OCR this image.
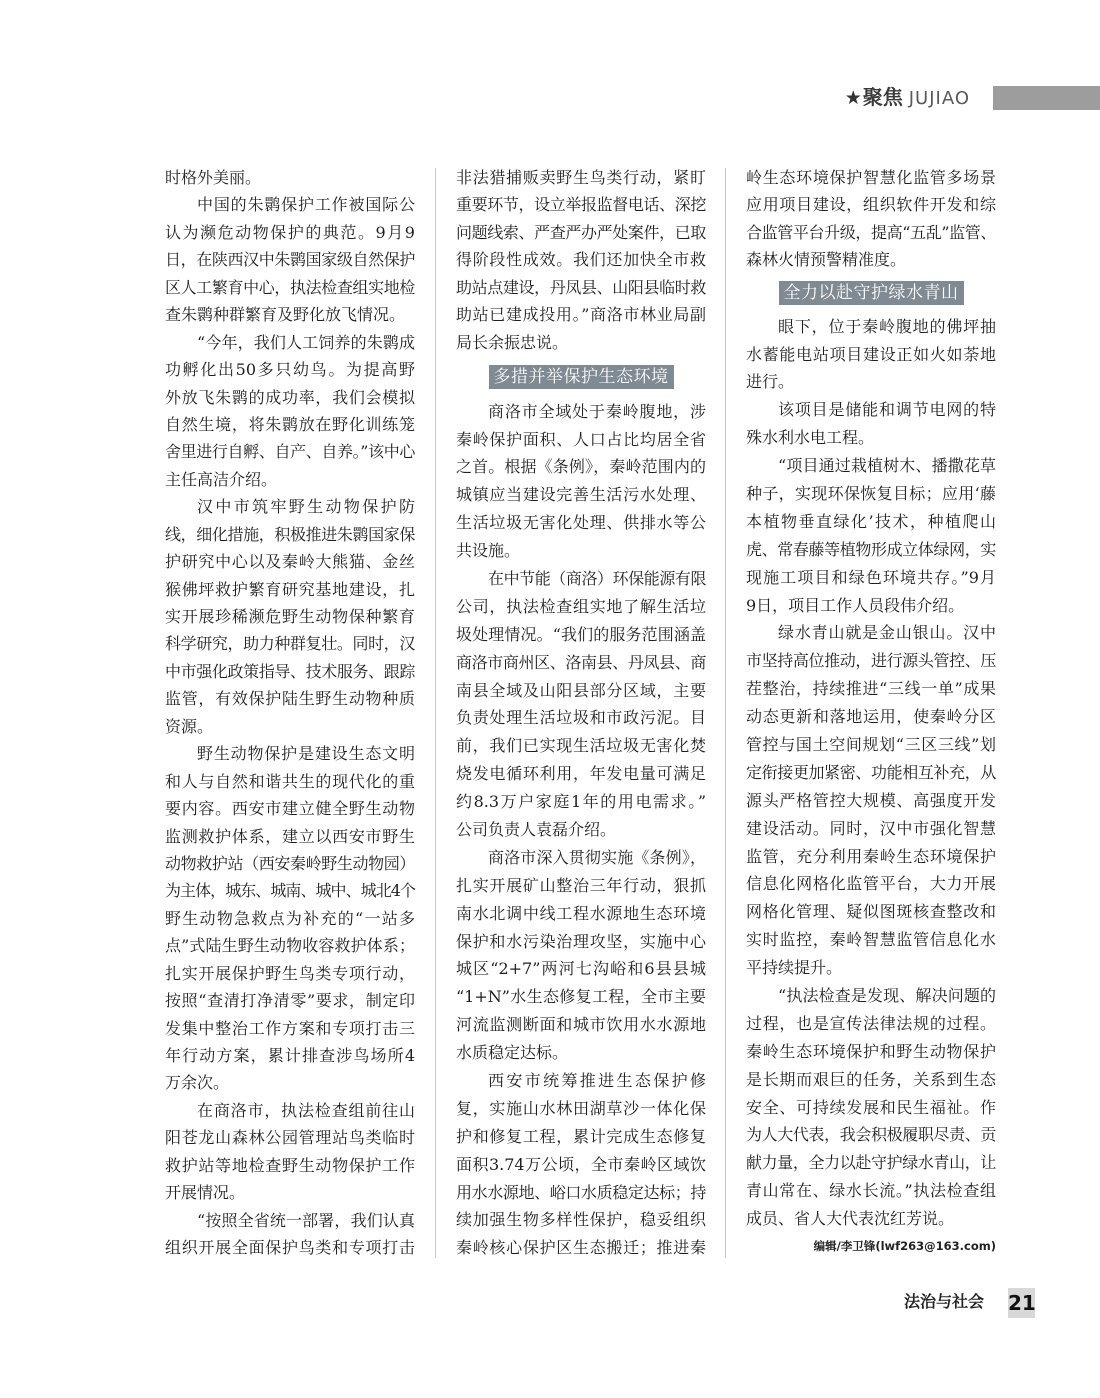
★聚焦 JUJIAO
时格外美丽。
中国的朱鹮保护工作被国际公
认为濒危动物保护的典范。9月9
日，在陕西汉中朱鹮国家级自然保护
区人工繁育中心，执法检查组实地检
查朱鹮种群繁育及野化放飞情况。
“今年，我们人工饲养的朱鹮成
功孵化出50多只幼鸟。为提高野
外放飞朱鹮的成功率，我们会模拟
自然生境，将朱鹮放在野化训练笼
舍里进行自孵、自产、自养。”该中心
主任高洁介绍。
汉中市筑牢野生动物保护防
线，细化措施，积极推进朱鹮国家保
护研究中心以及秦岭大熊猫、金丝
猴佛坪救护繁育研究基地建设，扎
实开展珍稀濒危野生动物保种繁育
科学研究，助力种群复壮。同时，汉
中市强化政策指导、技术服务、跟踪
监管，有效保护陆生野生动物种质
资源。
野生动物保护是建设生态文明
和人与自然和谐共生的现代化的重
要内容。西安市建立健全野生动物
监测救护体系，建立以西安市野生
动物救护站（西安秦岭野生动物园）
为主体，城东、城南、城中、城北4个
野生动物急救点为补充的“一站多
点”式陆生野生动物收容救护体系；
扎实开展保护野生鸟类专项行动，
按照“查清打净清零”要求，制定印
发集中整治工作方案和专项打击三
年行动方案，累计排查涉鸟场所4
万余次。
在商洛市，执法检查组前往山
阳苍龙山森林公园管理站鸟类临时
救护站等地检查野生动物保护工作
开展情况。
“按照全省统一部署，我们认真
组织开展全面保护鸟类和专项打击
非法猎捕贩卖野生鸟类行动，紧盯
重要环节，设立举报监督电话、深挖
问题线索、严查严办严处案件，已取
得阶段性成效。我们还加快全市救
助站点建设，丹凤县、山阳县临时救
助站已建成投用。”商洛市林业局副
局长余振忠说。
多措并举保护生态环境
商洛市全域处于秦岭腹地，涉
秦岭保护面积、人口占比均居全省
之首。根据《条例》，秦岭范围内的
城镇应当建设完善生活污水处理、
生活垃圾无害化处理、供排水等公
共设施。
在中节能（商洛）环保能源有限
公司，执法检查组实地了解生活垃
圾处理情况。“我们的服务范围涵盖
商洛市商州区、洛南县、丹凤县、商
南县全域及山阳县部分区域，主要
负责处理生活垃圾和市政污泥。目
前，我们已实现生活垃圾无害化焚
烧发电循环利用，年发电量可满足
约8.3万户家庭1年的用电需求。”
公司负责人袁磊介绍。
商洛市深入贯彻实施《条例》，
扎实开展矿山整治三年行动，狠抓
南水北调中线工程水源地生态环境
保护和水污染治理攻坚，实施中心
城区“2+7”两河七沟峪和6县县城
“1+N”水生态修复工程，全市主要
河流监测断面和城市饮用水水源地
水质稳定达标。
西安市统筹推进生态保护修
复，实施山水林田湖草沙一体化保
护和修复工程，累计完成生态修复
面积3.74万公顷，全市秦岭区域饮
用水水源地、峪口水质稳定达标；持
续加强生物多样性保护，稳妥组织
秦岭核心保护区生态搬迁；推进秦
岭生态环境保护智慧化监管多场景
应用项目建设，组织软件开发和综
合监管平台升级，提高“五乱”监管、
森林火情预警精准度。
全力以赴守护绿水青山
眼下，位于秦岭腹地的佛坪抽
水蓄能电站项目建设正如火如荼地
进行。
该项目是储能和调节电网的特
殊水利水电工程。
“项目通过栽植树木、播撒花草
种子，实现环保恢复目标；应用‘藤
本植物垂直绿化’技术，种植爬山
虎、常春藤等植物形成立体绿网，实
现施工项目和绿色环境共存。”9月
9日，项目工作人员段伟介绍。
绿水青山就是金山银山。汉中
市坚持高位推动，进行源头管控、压
茬整治，持续推进“三线一单”成果
动态更新和落地运用，使秦岭分区
管控与国土空间规划“三区三线”划
定衔接更加紧密、功能相互补充，从
源头严格管控大规模、高强度开发
建设活动。同时，汉中市强化智慧
监管，充分利用秦岭生态环境保护
信息化网格化监管平台，大力开展
网格化管理、疑似图斑核查整改和
实时监控，秦岭智慧监管信息化水
平持续提升。
“执法检查是发现、解决问题的
过程，也是宣传法律法规的过程。
秦岭生态环境保护和野生动物保护
是长期而艰巨的任务，关系到生态
安全、可持续发展和民生福祉。作
为人大代表，我会积极履职尽责、贡
献力量，全力以赴守护绿水青山，让
青山常在、绿水长流。”执法检查组
成员、省人大代表沈红芳说。
编辑/李卫锋(lwf263@163.com)
法治与社会 21
